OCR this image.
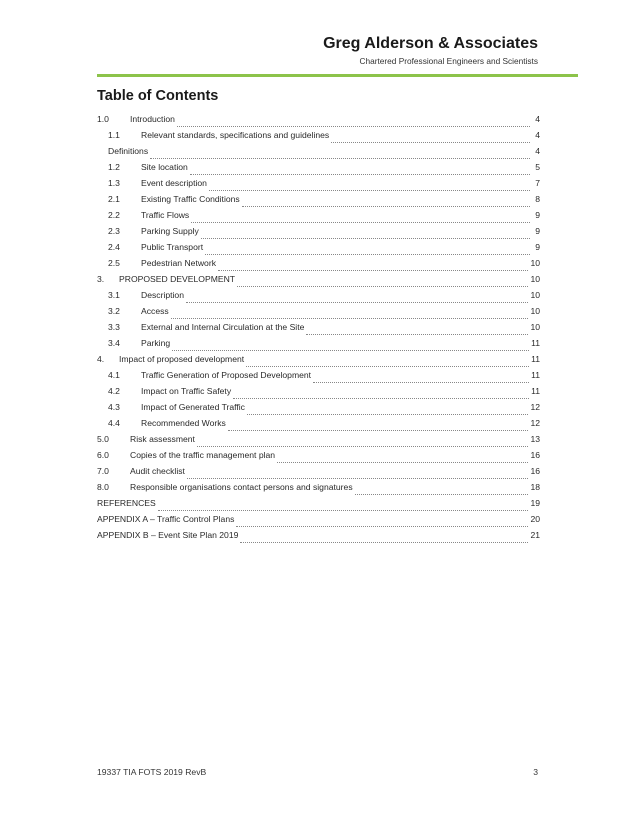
Greg Alderson & Associates
Chartered Professional Engineers and Scientists
Table of Contents
1.0	Introduction	4
1.1	Relevant standards, specifications and guidelines	4
Definitions	4
1.2	Site location	5
1.3	Event description	7
2.1	Existing Traffic Conditions	8
2.2	Traffic Flows	9
2.3	Parking Supply	9
2.4	Public Transport	9
2.5	Pedestrian Network	10
3.	PROPOSED DEVELOPMENT	10
3.1	Description	10
3.2	Access	10
3.3	External and Internal Circulation at the Site	10
3.4	Parking	11
4.	Impact of proposed development	11
4.1	Traffic Generation of Proposed Development	11
4.2	Impact on Traffic Safety	11
4.3	Impact of Generated Traffic	12
4.4	Recommended Works	12
5.0	Risk assessment	13
6.0	Copies of the traffic management plan	16
7.0	Audit checklist	16
8.0	Responsible organisations contact persons and signatures	18
REFERENCES	19
APPENDIX A – Traffic Control Plans	20
APPENDIX B – Event Site Plan 2019	21
19337 TIA FOTS 2019 RevB	3
